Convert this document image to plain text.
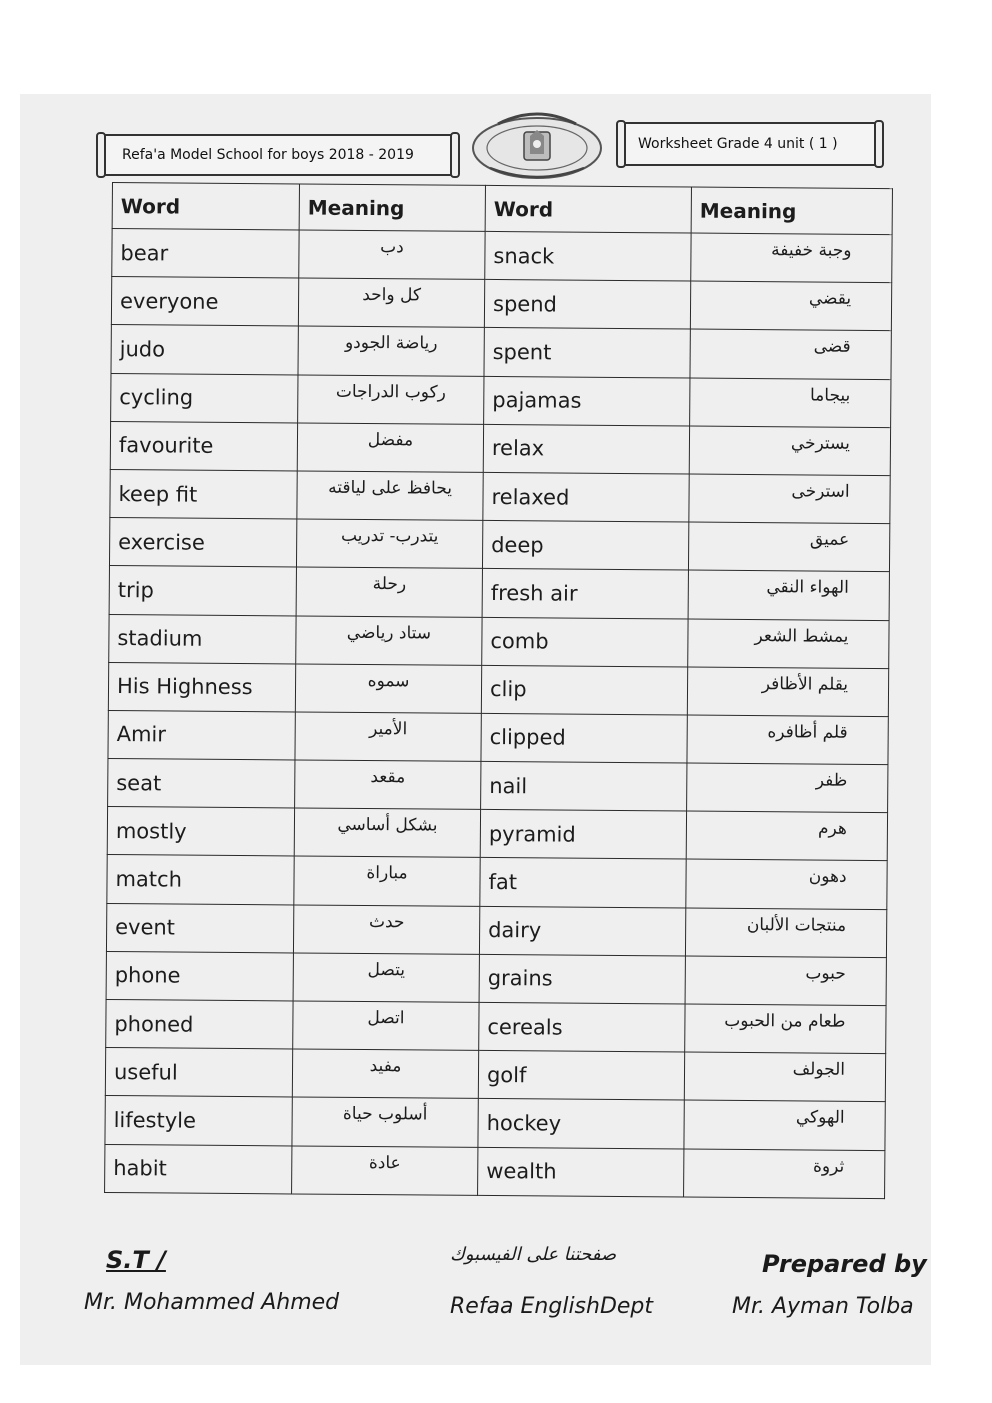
Refa'a Model School for boys 2018 - 2019
Worksheet Grade 4 unit ( 1 )
Word	Meaning	Word	Meaning
bear	دب	snack	وجبة خفيفة
everyone	كل واحد	spend	يقضي
judo	رياضة الجودو	spent	قضى
cycling	ركوب الدراجات	pajamas	بيجاما
favourite	مفضل	relax	يسترخي
keep fit	يحافظ على لياقته	relaxed	استرخى
exercise	يتدرب- تدريب	deep	عميق
trip	رحلة	fresh air	الهواء النقي
stadium	ستاد رياضي	comb	يمشط الشعر
His Highness	سموه	clip	يقلم الأظافر
Amir	الأمير	clipped	قلم أظافره
seat	مقعد	nail	ظفر
mostly	بشكل أساسي	pyramid	هرم
match	مباراة	fat	دهون
event	حدث	dairy	منتجات الألبان
phone	يتصل	grains	حبوب
phoned	اتصل	cereals	طعام من الحبوب
useful	مفيد	golf	الجولف
lifestyle	أسلوب حياة	hockey	الهوكي
habit	عادة	wealth	ثروة
S.T /
Mr. Mohammed Ahmed
صفحتنا على الفيسبوك
Refaa EnglishDept
Prepared by
Mr. Ayman Tolba
